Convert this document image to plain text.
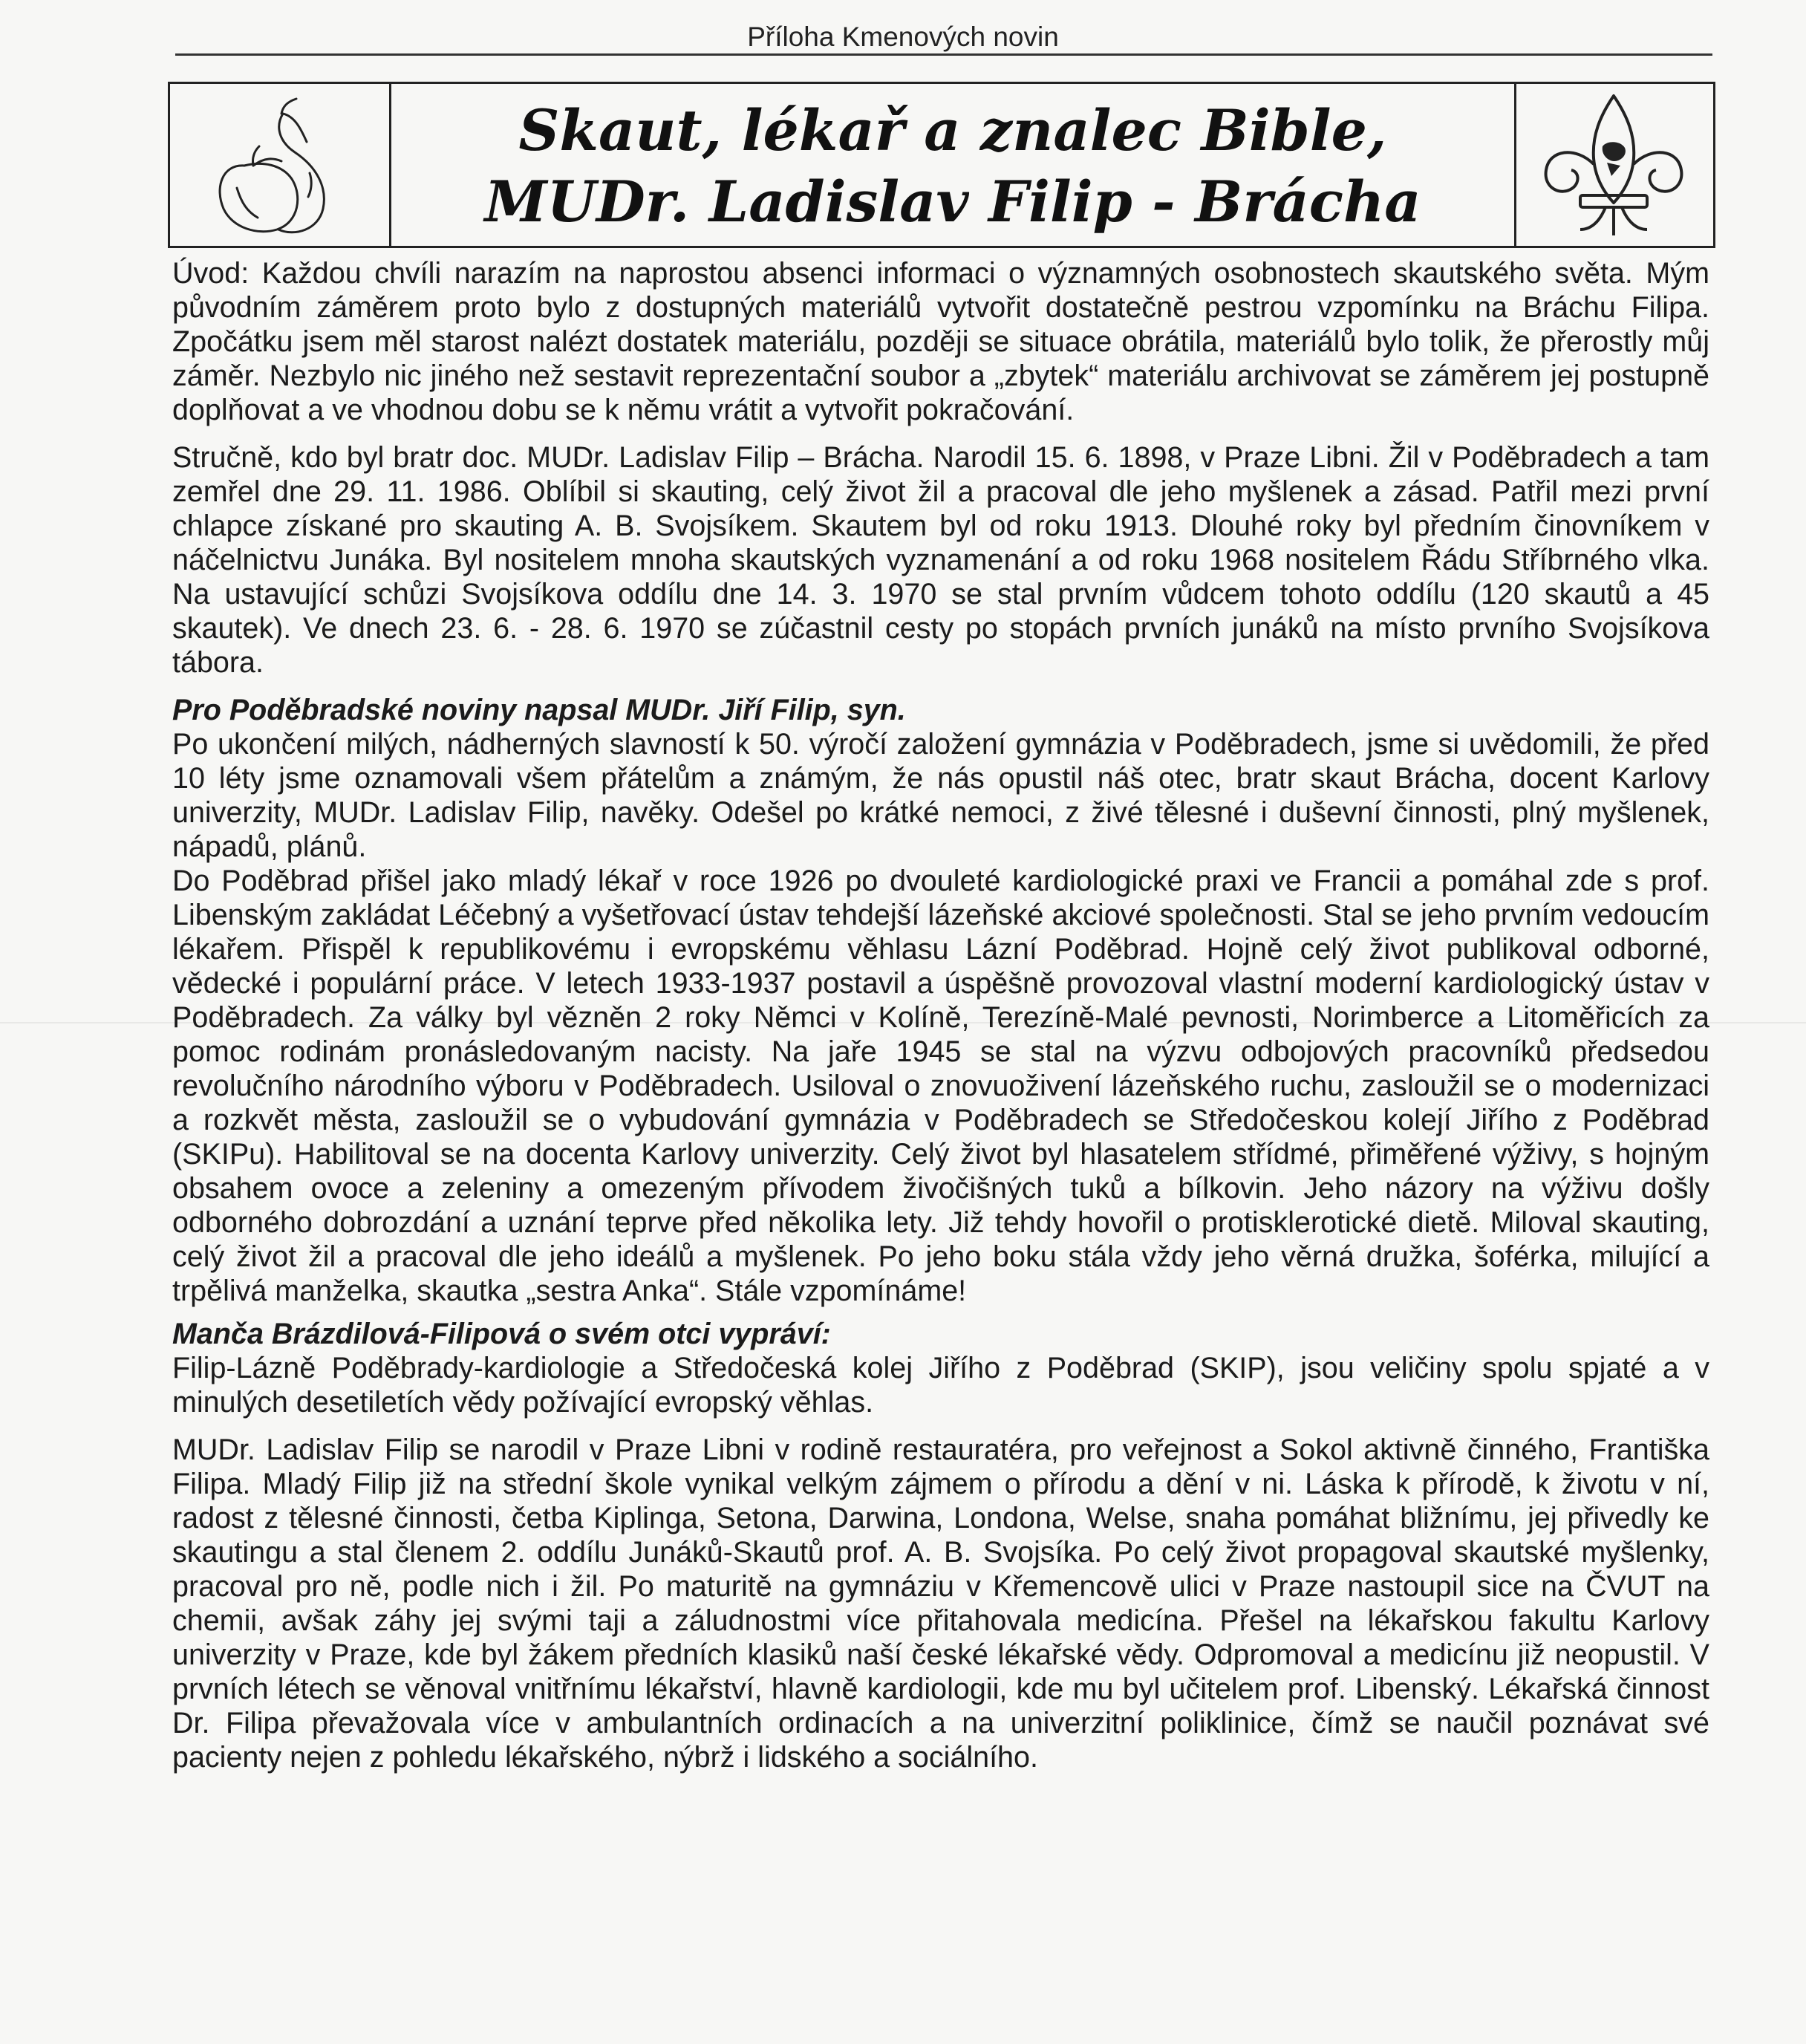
Příloha Kmenových novin
Skaut, lékař a znalec Bible,
MUDr. Ladislav Filip - Brácha

Úvod: Každou chvíli narazím na naprostou absenci informaci o významných osobnostech skautského světa. Mým původním záměrem proto bylo z dostupných materiálů vytvořit dostatečně pestrou vzpomínku na Bráchu Filipa. Zpočátku jsem měl starost nalézt dostatek materiálu, později se situace obrátila, materiálů bylo tolik, že přerostly můj záměr. Nezbylo nic jiného než sestavit reprezentační soubor a „zbytek“ materiálu archivovat se záměrem jej postupně doplňovat a ve vhodnou dobu se k němu vrátit a vytvořit pokračování.

Stručně, kdo byl bratr doc. MUDr. Ladislav Filip – Brácha. Narodil 15. 6. 1898, v Praze Libni. Žil v Poděbradech a tam zemřel dne 29. 11. 1986. Oblíbil si skauting, celý život žil a pracoval dle jeho myšlenek a zásad. Patřil mezi první chlapce získané pro skauting A. B. Svojsíkem. Skautem byl od roku 1913. Dlouhé roky byl předním činovníkem v náčelnictvu Junáka. Byl nositelem mnoha skautských vyznamenání a od roku 1968 nositelem Řádu Stříbrného vlka. Na ustavující schůzi Svojsíkova oddílu dne 14. 3. 1970 se stal prvním vůdcem tohoto oddílu (120 skautů a 45 skautek). Ve dnech 23. 6. - 28. 6. 1970 se zúčastnil cesty po stopách prvních junáků na místo prvního Svojsíkova tábora.

Pro Poděbradské noviny napsal MUDr. Jiří Filip, syn.

Po ukončení milých, nádherných slavností k 50. výročí založení gymnázia v Poděbradech, jsme si uvědomili, že před 10 léty jsme oznamovali všem přátelům a známým, že nás opustil náš otec, bratr skaut Brácha, docent Karlovy univerzity, MUDr. Ladislav Filip, navěky. Odešel po krátké nemoci, z živé tělesné i duševní činnosti, plný myšlenek, nápadů, plánů.

Do Poděbrad přišel jako mladý lékař v roce 1926 po dvouleté kardiologické praxi ve Francii a pomáhal zde s prof. Libenským zakládat Léčebný a vyšetřovací ústav tehdejší lázeňské akciové společnosti. Stal se jeho prvním vedoucím lékařem. Přispěl k republikovému i evropskému věhlasu Lázní Poděbrad. Hojně celý život publikoval odborné, vědecké i populární práce. V letech 1933-1937 postavil a úspěšně provozoval vlastní moderní kardiologický ústav v Poděbradech. Za války byl vězněn 2 roky Němci v Kolíně, Terezíně-Malé pevnosti, Norimberce a Litoměřicích za pomoc rodinám pronásledovaným nacisty. Na jaře 1945 se stal na výzvu odbojových pracovníků předsedou revolučního národního výboru v Poděbradech. Usiloval o znovuoživení lázeňského ruchu, zasloužil se o modernizaci a rozkvět města, zasloužil se o vybudování gymnázia v Poděbradech se Středočeskou kolejí Jiřího z Poděbrad (SKIPu). Habilitoval se na docenta Karlovy univerzity. Celý život byl hlasatelem střídmé, přiměřené výživy, s hojným obsahem ovoce a zeleniny a omezeným přívodem živočišných tuků a bílkovin. Jeho názory na výživu došly odborného dobrozdání a uznání teprve před několika lety. Již tehdy hovořil o protisklerotické dietě. Miloval skauting, celý život žil a pracoval dle jeho ideálů a myšlenek. Po jeho boku stála vždy jeho věrná družka, šoférka, milující a trpělivá manželka, skautka „sestra Anka“. Stále vzpomínáme!

Manča Brázdilová-Filipová o svém otci vypráví:

Filip-Lázně Poděbrady-kardiologie a Středočeská kolej Jiřího z Poděbrad (SKIP), jsou veličiny spolu spjaté a v minulých desetiletích vědy požívající evropský věhlas.

MUDr. Ladislav Filip se narodil v Praze Libni v rodině restauratéra, pro veřejnost a Sokol aktivně činného, Františka Filipa. Mladý Filip již na střední škole vynikal velkým zájmem o přírodu a dění v ni. Láska k přírodě, k životu v ní, radost z tělesné činnosti, četba Kiplinga, Setona, Darwina, Londona, Welse, snaha pomáhat bližnímu, jej přivedly ke skautingu a stal členem 2. oddílu Junáků-Skautů prof. A. B. Svojsíka. Po celý život propagoval skautské myšlenky, pracoval pro ně, podle nich i žil. Po maturitě na gymnáziu v Křemencově ulici v Praze nastoupil sice na ČVUT na chemii, avšak záhy jej svými taji a záludnostmi více přitahovala medicína. Přešel na lékařskou fakultu Karlovy univerzity v Praze, kde byl žákem předních klasiků naší české lékařské vědy. Odpromoval a medicínu již neopustil. V prvních létech se věnoval vnitřnímu lékařství, hlavně kardiologii, kde mu byl učitelem prof. Libenský. Lékařská činnost Dr. Filipa převažovala více v ambulantních ordinacích a na univerzitní poliklinice, čímž se naučil poznávat své pacienty nejen z pohledu lékařského, nýbrž i lidského a sociálního.
